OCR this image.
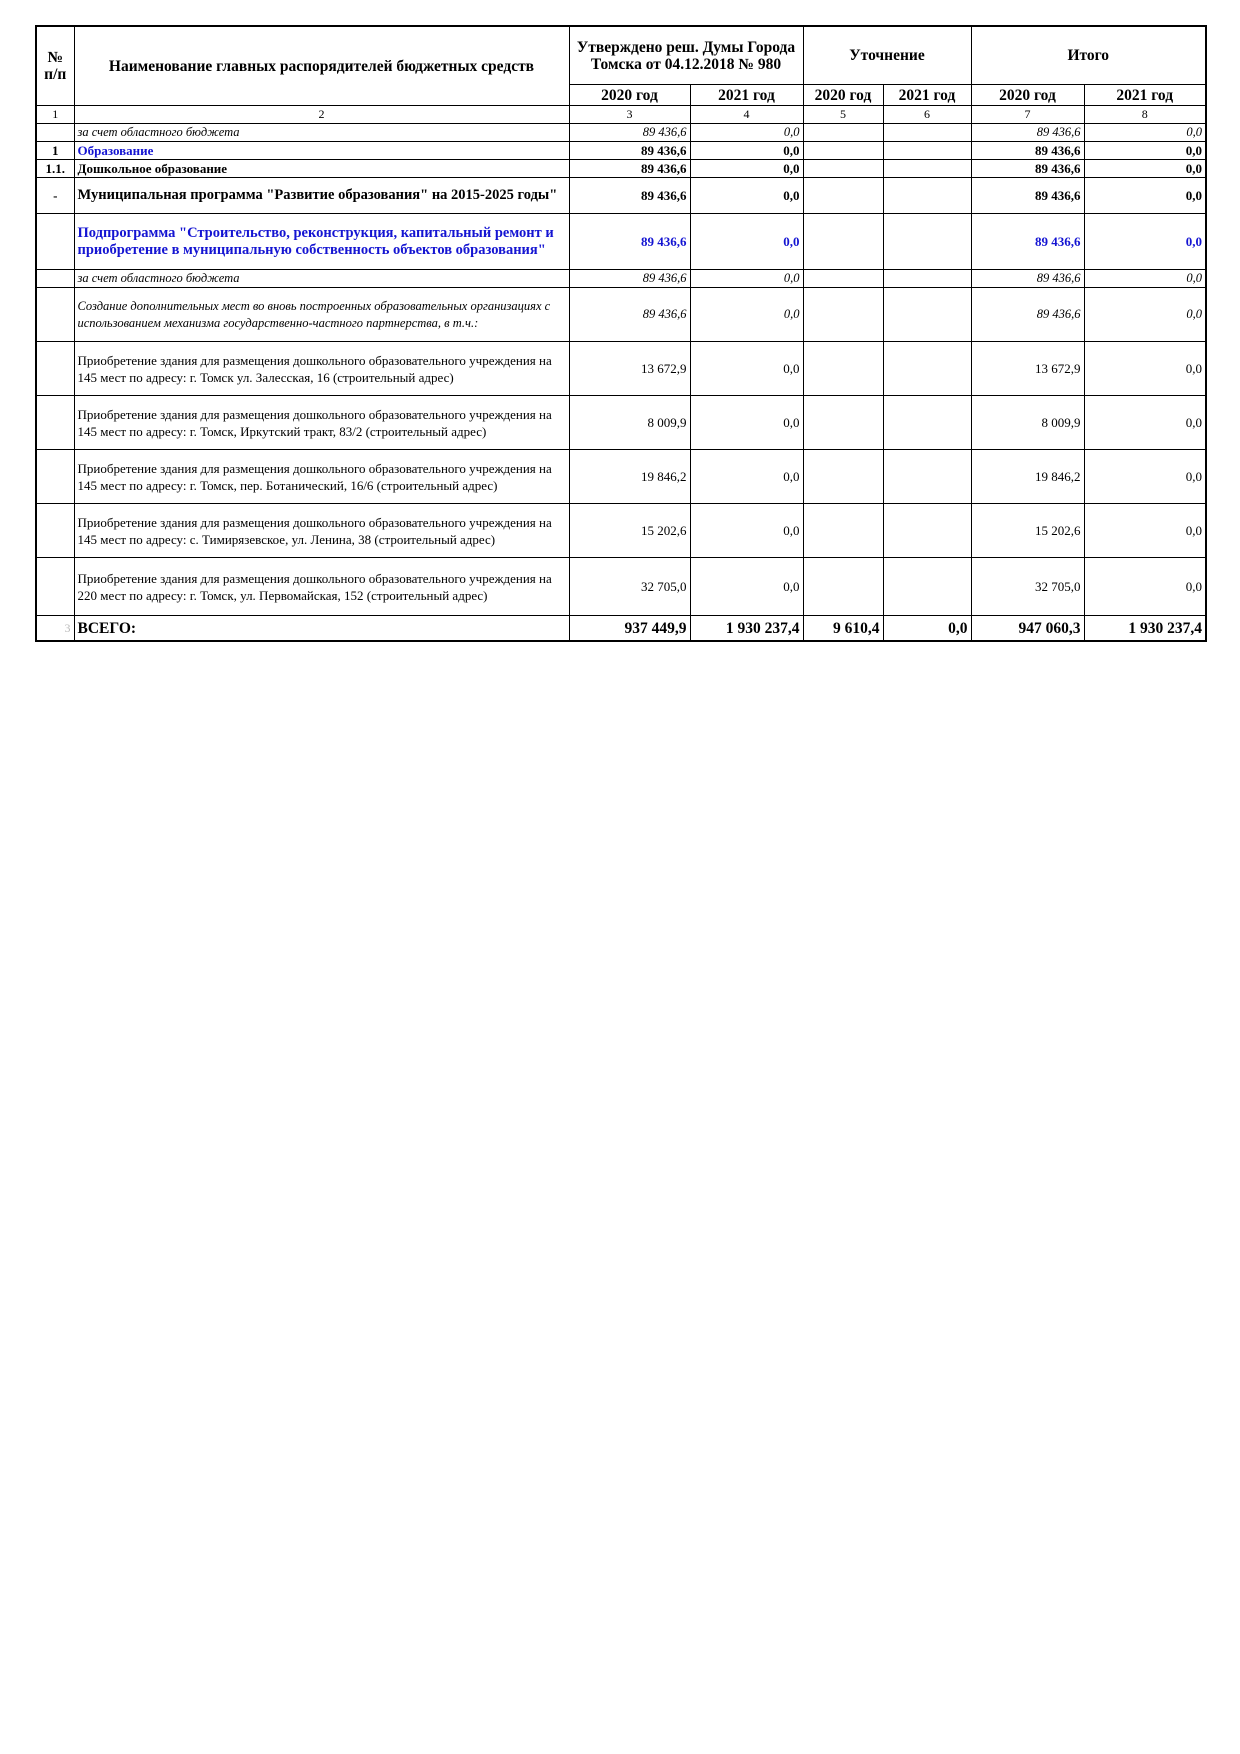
№ п/п	Наименование главных распорядителей бюджетных средств	Утверждено реш. Думы Города Томска от 04.12.2018 № 980		Уточнение		Итого	
		2020 год	2021 год	2020 год	2021 год	2020 год	2021 год
1	2	3	4	5	6	7	8
	за счет областного бюджета	89 436,6	0,0			89 436,6	0,0
1	Образование	89 436,6	0,0			89 436,6	0,0
1.1.	Дошкольное образование	89 436,6	0,0			89 436,6	0,0
-	Муниципальная программа "Развитие образования" на 2015-2025 годы"	89 436,6	0,0			89 436,6	0,0
	Подпрограмма "Строительство, реконструкция, капитальный ремонт и приобретение в муниципальную собственность объектов образования"	89 436,6	0,0			89 436,6	0,0
	за счет областного бюджета	89 436,6	0,0			89 436,6	0,0
	Создание дополнительных мест во вновь построенных образовательных организациях с использованием механизма государственно-частного партнерства, в т.ч.:	89 436,6	0,0			89 436,6	0,0
	Приобретение здания для размещения дошкольного образовательного учреждения на 145 мест по адресу: г. Томск ул. Залесская, 16 (строительный адрес)	13 672,9	0,0			13 672,9	0,0
	Приобретение здания для размещения дошкольного образовательного учреждения на 145 мест по адресу: г. Томск, Иркутский тракт, 83/2 (строительный адрес)	8 009,9	0,0			8 009,9	0,0
	Приобретение здания для размещения дошкольного образовательного учреждения на 145 мест по адресу: г. Томск, пер. Ботанический, 16/6 (строительный адрес)	19 846,2	0,0			19 846,2	0,0
	Приобретение здания для размещения дошкольного образовательного учреждения на 145 мест по адресу: с. Тимирязевское, ул. Ленина, 38 (строительный адрес)	15 202,6	0,0			15 202,6	0,0
	Приобретение здания для размещения дошкольного образовательного учреждения на 220 мест по адресу: г. Томск, ул. Первомайская, 152 (строительный адрес)	32 705,0	0,0			32 705,0	0,0
3	ВСЕГО:	937 449,9	1 930 237,4	9 610,4	0,0	947 060,3	1 930 237,4
